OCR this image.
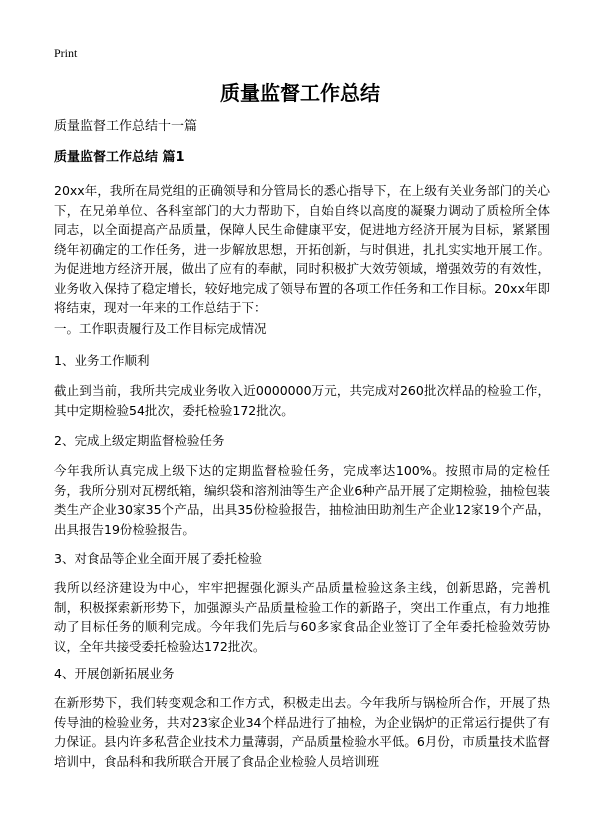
Print
质量监督工作总结
质量监督工作总结十一篇
质量监督工作总结 篇1

20xx年，我所在局党组的正确领导和分管局长的悉心指导下，在上级有关业务部门的关心下，在兄弟单位、各科室部门的大力帮助下，自始自终以高度的凝聚力调动了质检所全体同志，以全面提高产品质量，保障人民生命健康平安，促进地方经济开展为目标，紧紧围绕年初确定的工作任务，进一步解放思想，开拓创新，与时俱进，扎扎实实地开展工作。为促进地方经济开展，做出了应有的奉献，同时积极扩大效劳领域，增强效劳的有效性，业务收入保持了稳定增长，较好地完成了领导布置的各项工作任务和工作目标。20xx年即将结束，现对一年来的工作总结于下：

一。工作职责履行及工作目标完成情况

1、业务工作顺利

截止到当前，我所共完成业务收入近0000000万元，共完成对260批次样品的检验工作，其中定期检验54批次，委托检验172批次。

2、完成上级定期监督检验任务

今年我所认真完成上级下达的定期监督检验任务，完成率达100%。按照市局的定检任务，我所分别对瓦楞纸箱，编织袋和溶剂油等生产企业6种产品开展了定期检验，抽检包装类生产企业30家35个产品，出具35份检验报告，抽检油田助剂生产企业12家19个产品，出具报告19份检验报告。

3、对食品等企业全面开展了委托检验

我所以经济建设为中心，牢牢把握强化源头产品质量检验这条主线，创新思路，完善机制，积极探索新形势下，加强源头产品质量检验工作的新路子，突出工作重点，有力地推动了目标任务的顺利完成。今年我们先后与60多家食品企业签订了全年委托检验效劳协议，全年共接受委托检验达172批次。

4、开展创新拓展业务

在新形势下，我们转变观念和工作方式，积极走出去。今年我所与锅检所合作，开展了热传导油的检验业务，共对23家企业34个样品进行了抽检，为企业锅炉的正常运行提供了有力保证。县内许多私营企业技术力量薄弱，产品质量检验水平低。6月份，市质量技术监督培训中，食品科和我所联合开展了食品企业检验人员培训班
